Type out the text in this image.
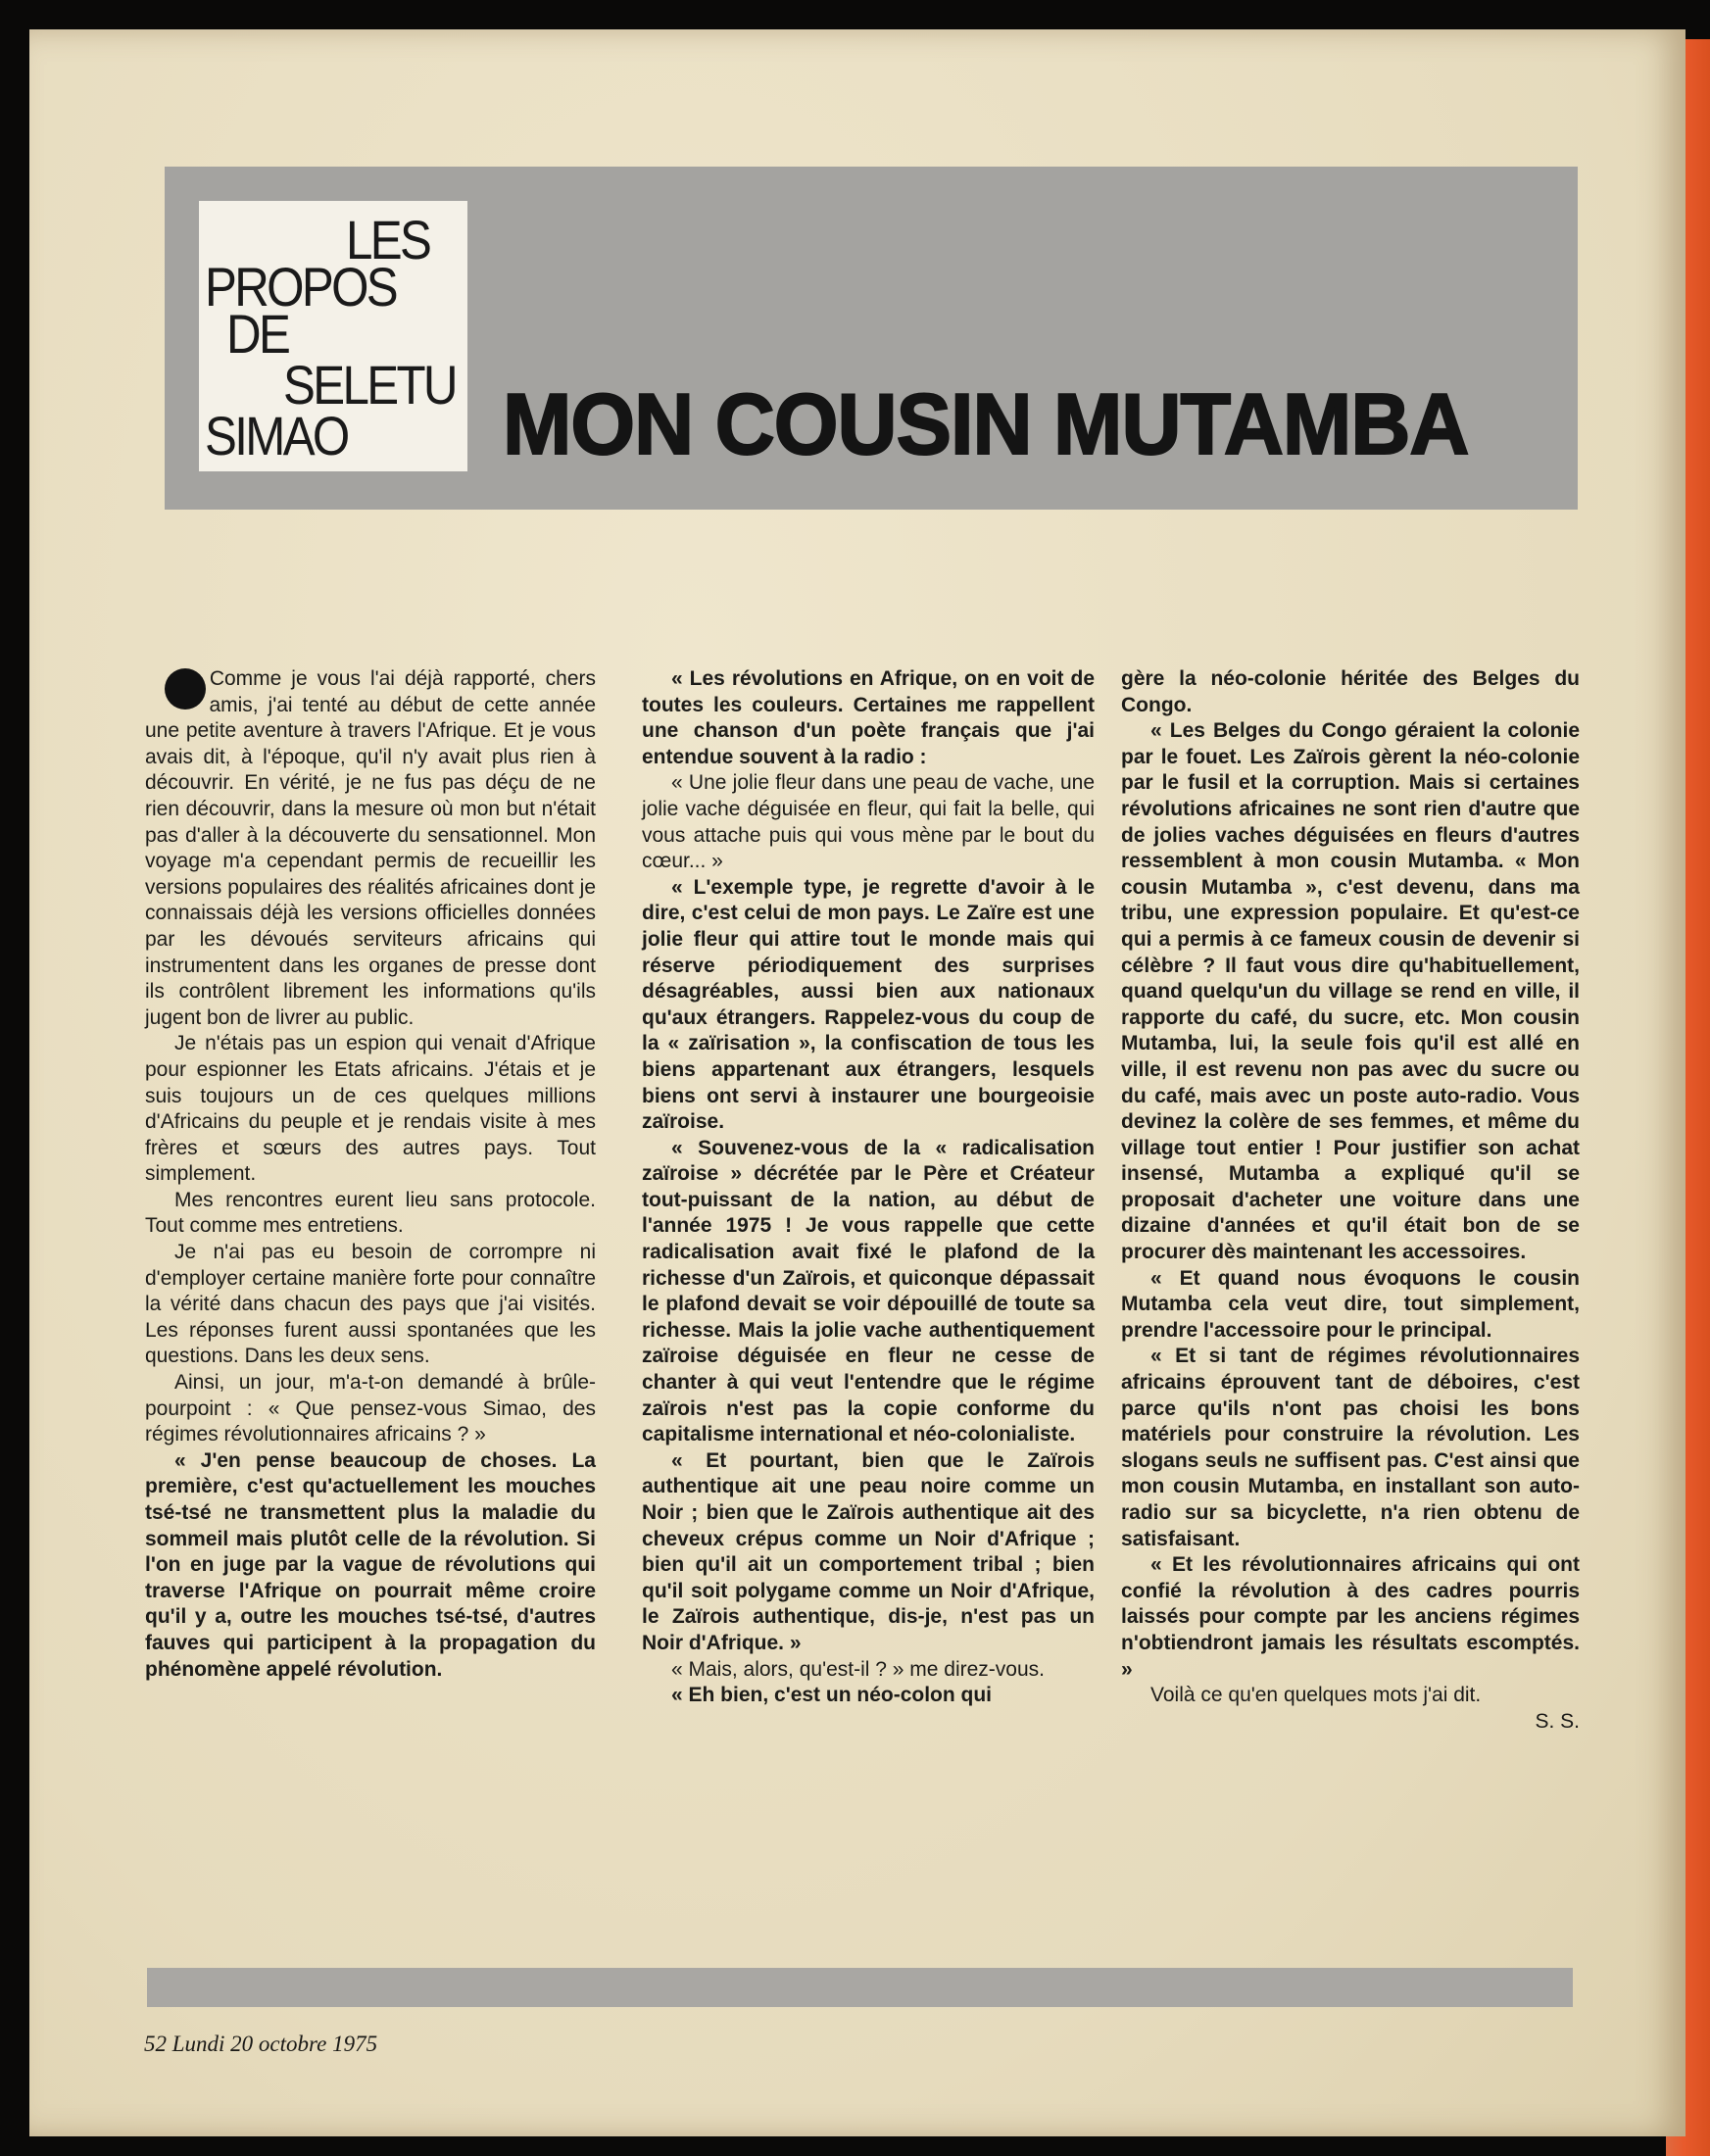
LES
PROPOS
DE
SELETU
SIMAO MON COUSIN MUTAMBA

Comme je vous l'ai déjà rapporté, chers amis, j'ai tenté au début de cette année une petite aventure à travers l'Afrique. Et je vous avais dit, à l'époque, qu'il n'y avait plus rien à découvrir. En vérité, je ne fus pas déçu de ne rien découvrir, dans la mesure où mon but n'était pas d'aller à la découverte du sensationnel. Mon voyage m'a cependant permis de recueillir les versions populaires des réalités africaines dont je connaissais déjà les versions officielles données par les dévoués serviteurs africains qui instrumentent dans les organes de presse dont ils contrôlent librement les informations qu'ils jugent bon de livrer au public.

Je n'étais pas un espion qui venait d'Afrique pour espionner les Etats africains. J'étais et je suis toujours un de ces quelques millions d'Africains du peuple et je rendais visite à mes frères et sœurs des autres pays. Tout simplement.

Mes rencontres eurent lieu sans protocole. Tout comme mes entretiens.

Je n'ai pas eu besoin de corrompre ni d'employer certaine manière forte pour connaître la vérité dans chacun des pays que j'ai visités. Les réponses furent aussi spontanées que les questions. Dans les deux sens.

Ainsi, un jour, m'a-t-on demandé à brûle-pourpoint : « Que pensez-vous Simao, des régimes révolutionnaires africains ? »

« J'en pense beaucoup de choses. La première, c'est qu'actuellement les mouches tsé-tsé ne transmettent plus la maladie du sommeil mais plutôt celle de la révolution. Si l'on en juge par la vague de révolutions qui traverse l'Afrique on pourrait même croire qu'il y a, outre les mouches tsé-tsé, d'autres fauves qui participent à la propagation du phénomène appelé révolution.

« Les révolutions en Afrique, on en voit de toutes les couleurs. Certaines me rappellent une chanson d'un poète français que j'ai entendue souvent à la radio :

« Une jolie fleur dans une peau de vache, une jolie vache déguisée en fleur, qui fait la belle, qui vous attache puis qui vous mène par le bout du cœur... »

« L'exemple type, je regrette d'avoir à le dire, c'est celui de mon pays. Le Zaïre est une jolie fleur qui attire tout le monde mais qui réserve périodiquement des surprises désagréables, aussi bien aux nationaux qu'aux étrangers. Rappelez-vous du coup de la « zaïrisation », la confiscation de tous les biens appartenant aux étrangers, lesquels biens ont servi à instaurer une bourgeoisie zaïroise.

« Souvenez-vous de la « radicalisation zaïroise » décrétée par le Père et Créateur tout-puissant de la nation, au début de l'année 1975 ! Je vous rappelle que cette radicalisation avait fixé le plafond de la richesse d'un Zaïrois, et quiconque dépassait le plafond devait se voir dépouillé de toute sa richesse. Mais la jolie vache authentiquement zaïroise déguisée en fleur ne cesse de chanter à qui veut l'entendre que le régime zaïrois n'est pas la copie conforme du capitalisme international et néo-colonialiste.

« Et pourtant, bien que le Zaïrois authentique ait une peau noire comme un Noir ; bien que le Zaïrois authentique ait des cheveux crépus comme un Noir d'Afrique ; bien qu'il ait un comportement tribal ; bien qu'il soit polygame comme un Noir d'Afrique, le Zaïrois authentique, dis-je, n'est pas un Noir d'Afrique. »

« Mais, alors, qu'est-il ? » me direz-vous.

« Eh bien, c'est un néo-colon qui

gère la néo-colonie héritée des Belges du Congo.

« Les Belges du Congo géraient la colonie par le fouet. Les Zaïrois gèrent la néo-colonie par le fusil et la corruption. Mais si certaines révolutions africaines ne sont rien d'autre que de jolies vaches déguisées en fleurs d'autres ressemblent à mon cousin Mutamba. « Mon cousin Mutamba », c'est devenu, dans ma tribu, une expression populaire. Et qu'est-ce qui a permis à ce fameux cousin de devenir si célèbre ? Il faut vous dire qu'habituellement, quand quelqu'un du village se rend en ville, il rapporte du café, du sucre, etc. Mon cousin Mutamba, lui, la seule fois qu'il est allé en ville, il est revenu non pas avec du sucre ou du café, mais avec un poste auto-radio. Vous devinez la colère de ses femmes, et même du village tout entier ! Pour justifier son achat insensé, Mutamba a expliqué qu'il se proposait d'acheter une voiture dans une dizaine d'années et qu'il était bon de se procurer dès maintenant les accessoires.

« Et quand nous évoquons le cousin Mutamba cela veut dire, tout simplement, prendre l'accessoire pour le principal.

« Et si tant de régimes révolutionnaires africains éprouvent tant de déboires, c'est parce qu'ils n'ont pas choisi les bons matériels pour construire la révolution. Les slogans seuls ne suffisent pas. C'est ainsi que mon cousin Mutamba, en installant son auto-radio sur sa bicyclette, n'a rien obtenu de satisfaisant.

« Et les révolutionnaires africains qui ont confié la révolution à des cadres pourris laissés pour compte par les anciens régimes n'obtiendront jamais les résultats escomptés. »

Voilà ce qu'en quelques mots j'ai dit.

S. S.

52 Lundi 20 octobre 1975
